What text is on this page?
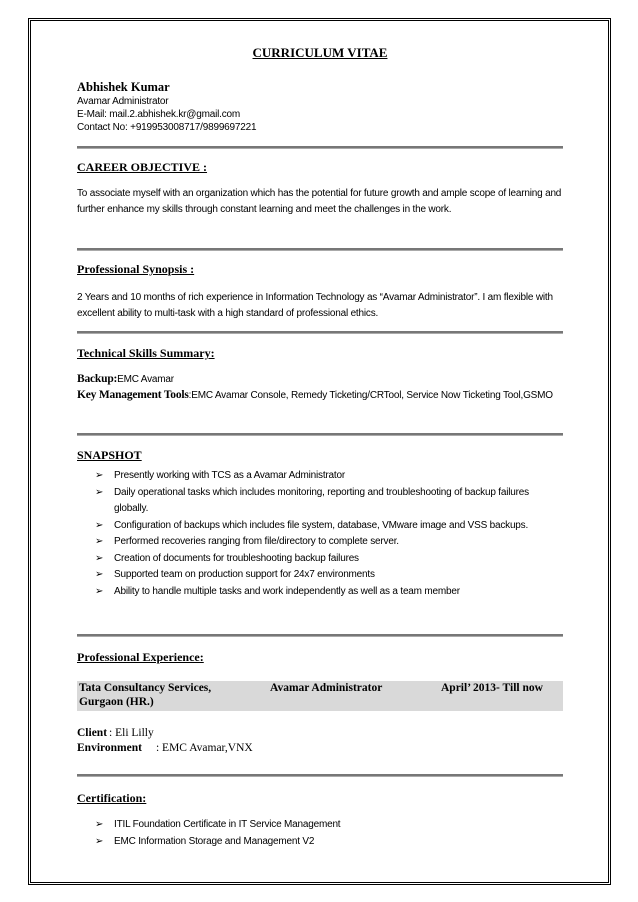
CURRICULUM VITAE
Abhishek Kumar
Avamar Administrator
E-Mail: mail.2.abhishek.kr@gmail.com
Contact No: +919953008717/9899697221
CAREER OBJECTIVE :
To associate myself with an organization which has the potential for future growth and ample scope of learning and further enhance my skills through constant learning and meet the challenges in the work.
Professional Synopsis :
2 Years and 10 months of rich experience in Information Technology as “Avamar Administrator”. I am flexible with excellent ability to multi-task with a high standard of professional ethics.
Technical Skills Summary:
Backup:EMC Avamar
Key Management Tools:EMC Avamar Console, Remedy Ticketing/CRTool, Service Now Ticketing Tool,GSMO
SNAPSHOT
➢ Presently working with TCS as a Avamar Administrator
➢ Daily operational tasks which includes monitoring, reporting and troubleshooting of backup failures globally.
➢ Configuration of backups which includes file system, database, VMware image and VSS backups.
➢ Performed recoveries ranging from file/directory to complete server.
➢ Creation of documents for troubleshooting backup failures
➢ Supported team on production support for 24x7 environments
➢ Ability to handle multiple tasks and work independently as well as a team member
Professional Experience:
Tata Consultancy Services,	Avamar Administrator	April’ 2013- Till now
Gurgaon (HR.)
Client : Eli Lilly
Environment : EMC Avamar,VNX
Certification:
➢ ITIL Foundation Certificate in IT Service Management
➢ EMC Information Storage and Management V2
